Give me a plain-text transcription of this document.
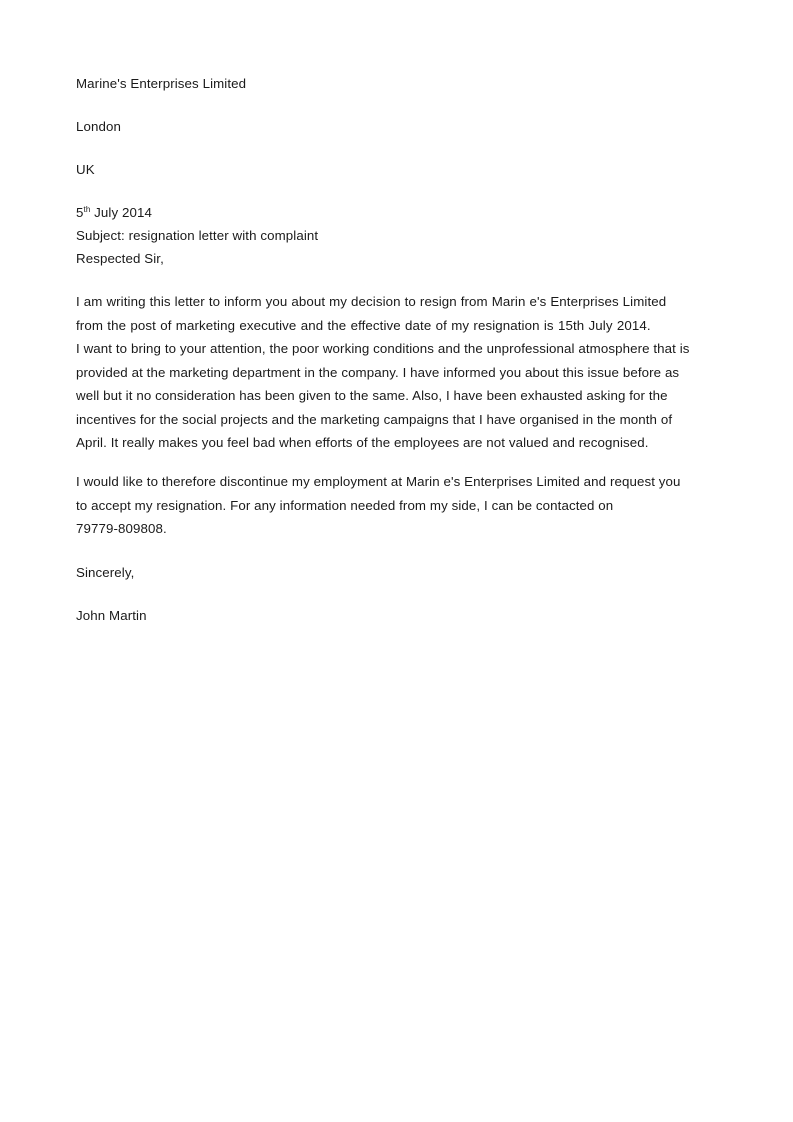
Marine's Enterprises Limited
London
UK
5th July 2014
Subject: resignation letter with complaint
Respected Sir,
I am writing this letter to inform you about my decision to resign from Marin e's Enterprises Limited
from the post of marketing executive and the effective date of my resignation is 15th July 2014.
I want to bring to your attention, the poor working conditions and the unprofessional atmosphere that is
provided at the marketing department in the company. I have informed you about this issue before as
well but it no consideration has been given to the same. Also, I have been exhausted asking for the
incentives for the social projects and the marketing campaigns that I have organised in the month of
April. It really makes you feel bad when efforts of the employees are not valued and recognised.
I would like to therefore discontinue my employment at Marin e's Enterprises Limited and request you
to accept my resignation. For any information needed from my side, I can be contacted on
79779-809808.
Sincerely,
John Martin
